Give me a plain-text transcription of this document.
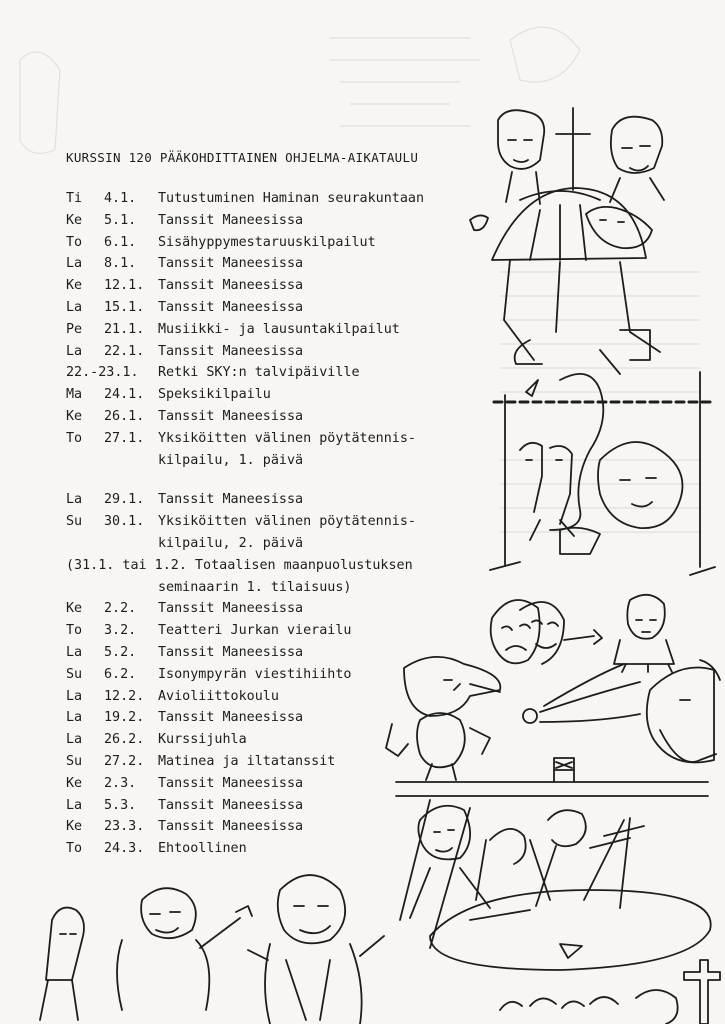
KURSSIN 120 PÄÄKOHDITTAINEN OHJELMA-AIKATAULU
Ti 4.1. Tutustuminen Haminan seurakuntaan
Ke 5.1. Tanssit Maneesissa
To 6.1. Sisähyppymestaruuskilpailut
La 8.1. Tanssit Maneesissa
Ke 12.1. Tanssit Maneesissa
La 15.1. Tanssit Maneesissa
Pe 21.1. Musiikki- ja lausuntakilpailut
La 22.1. Tanssit Maneesissa
22.-23.1. Retki SKY:n talvipäiville
Ma 24.1. Speksikilpailu
Ke 26.1. Tanssit Maneesissa
To 27.1. Yksiköitten välinen pöytätennis-
kilpailu, 1. päivä
La 29.1. Tanssit Maneesissa
Su 30.1. Yksiköitten välinen pöytätennis-
kilpailu, 2. päivä
(31.1. tai 1.2. Totaalisen maanpuolustuksen
seminaarin 1. tilaisuus)
Ke 2.2. Tanssit Maneesissa
To 3.2. Teatteri Jurkan vierailu
La 5.2. Tanssit Maneesissa
Su 6.2. Isonympyrän viestihiihto
La 12.2. Avioliittokoulu
La 19.2. Tanssit Maneesissa
La 26.2. Kurssijuhla
Su 27.2. Matinea ja iltatanssit
Ke 2.3. Tanssit Maneesissa
La 5.3. Tanssit Maneesissa
Ke 23.3. Tanssit Maneesissa
To 24.3. Ehtoollinen
